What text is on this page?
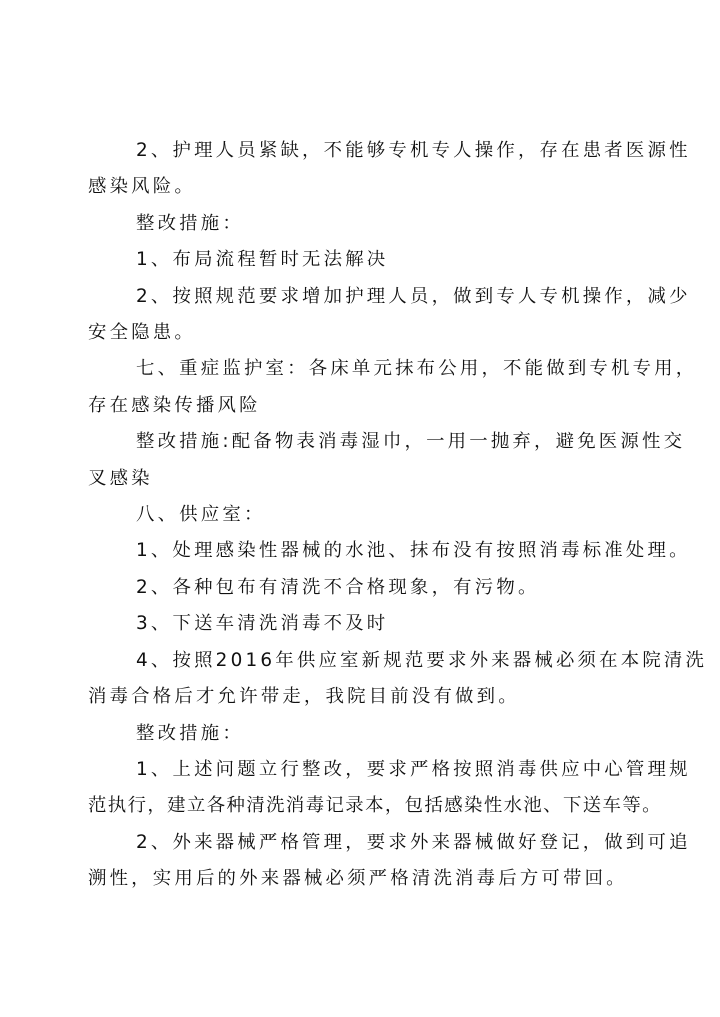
2、护理人员紧缺，不能够专机专人操作，存在患者医源性

感染风险。

整改措施：

1、布局流程暂时无法解决

2、按照规范要求增加护理人员，做到专人专机操作，减少

安全隐患。

七、重症监护室：各床单元抹布公用，不能做到专机专用，

存在感染传播风险

整改措施:配备物表消毒湿巾，一用一抛弃，避免医源性交

叉感染

八、供应室：

1、处理感染性器械的水池、抹布没有按照消毒标准处理。

2、各种包布有清洗不合格现象，有污物。

3、下送车清洗消毒不及时

4、按照2016年供应室新规范要求外来器械必须在本院清洗

消毒合格后才允许带走，我院目前没有做到。

整改措施：

1、上述问题立行整改，要求严格按照消毒供应中心管理规

范执行，建立各种清洗消毒记录本，包括感染性水池、下送车等。

2、外来器械严格管理，要求外来器械做好登记，做到可追

溯性，实用后的外来器械必须严格清洗消毒后方可带回。
